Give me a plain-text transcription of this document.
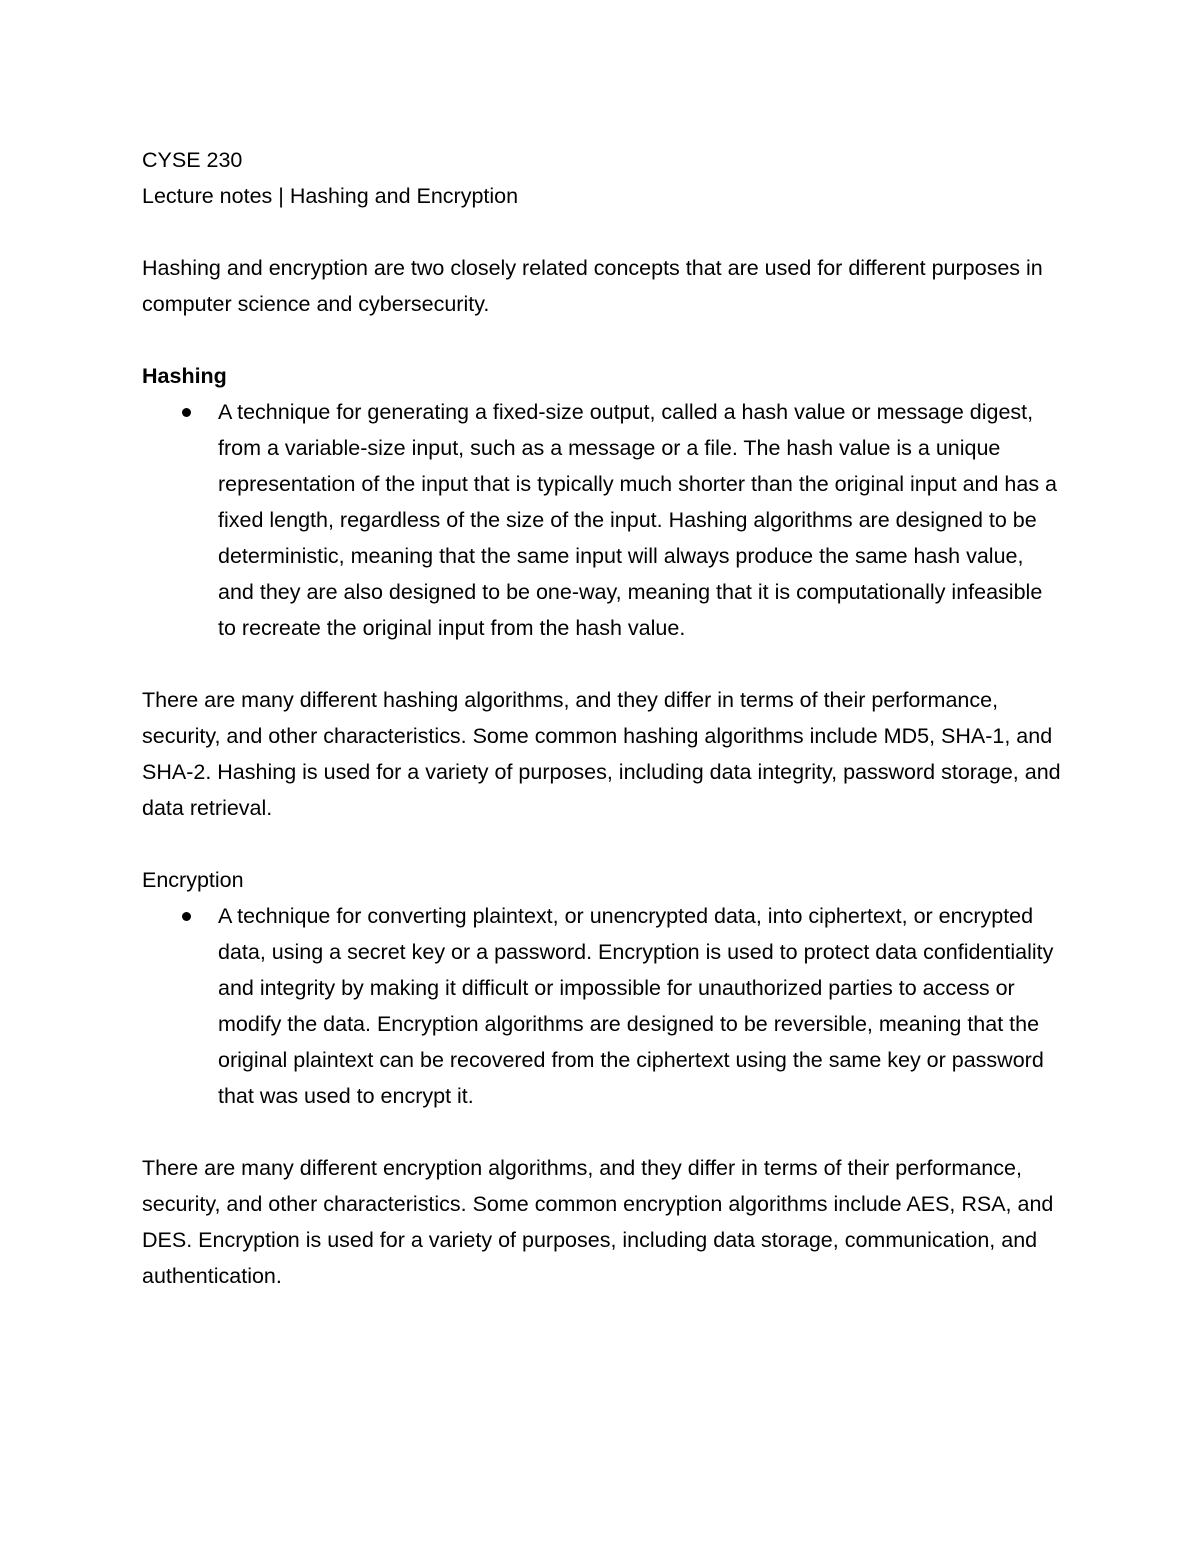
CYSE 230

Lecture notes | Hashing and Encryption

Hashing and encryption are two closely related concepts that are used for different purposes in computer science and cybersecurity.

Hashing

A technique for generating a fixed-size output, called a hash value or message digest, from a variable-size input, such as a message or a file. The hash value is a unique representation of the input that is typically much shorter than the original input and has a fixed length, regardless of the size of the input. Hashing algorithms are designed to be deterministic, meaning that the same input will always produce the same hash value, and they are also designed to be one-way, meaning that it is computationally infeasible to recreate the original input from the hash value.

There are many different hashing algorithms, and they differ in terms of their performance, security, and other characteristics. Some common hashing algorithms include MD5, SHA-1, and SHA-2. Hashing is used for a variety of purposes, including data integrity, password storage, and data retrieval.

Encryption

A technique for converting plaintext, or unencrypted data, into ciphertext, or encrypted data, using a secret key or a password. Encryption is used to protect data confidentiality and integrity by making it difficult or impossible for unauthorized parties to access or modify the data. Encryption algorithms are designed to be reversible, meaning that the original plaintext can be recovered from the ciphertext using the same key or password that was used to encrypt it.

There are many different encryption algorithms, and they differ in terms of their performance, security, and other characteristics. Some common encryption algorithms include AES, RSA, and DES. Encryption is used for a variety of purposes, including data storage, communication, and authentication.
